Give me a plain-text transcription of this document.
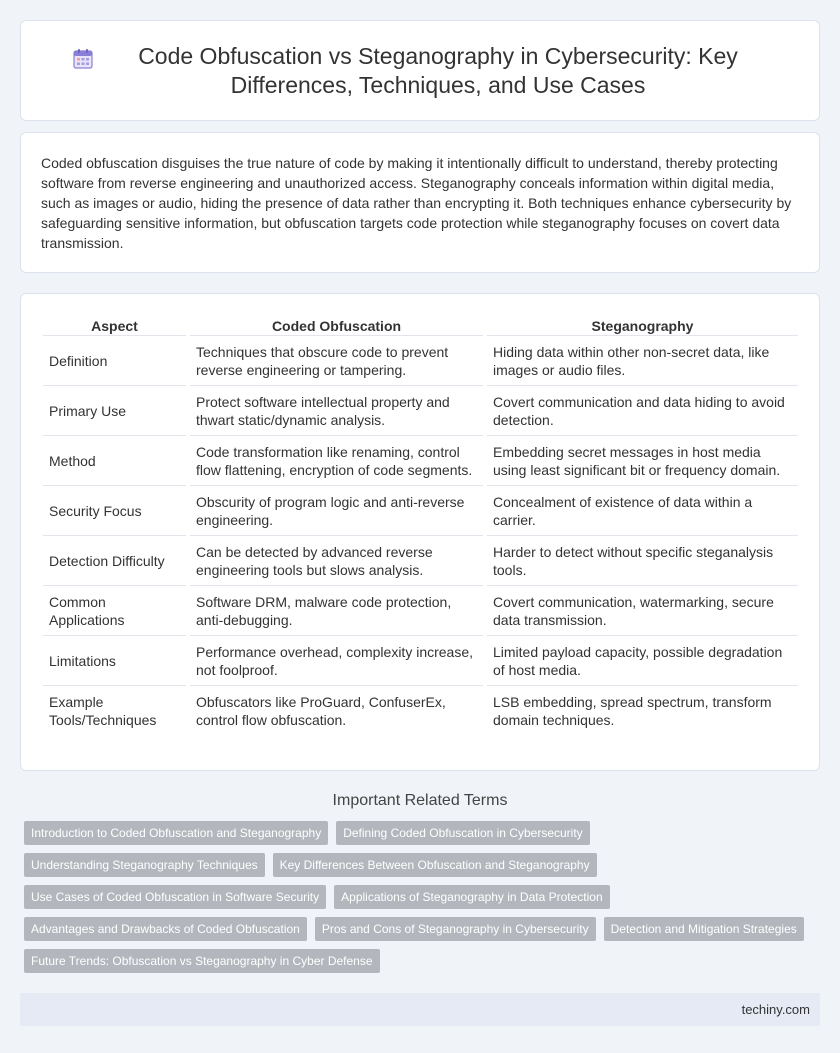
Code Obfuscation vs Steganography in Cybersecurity: Key Differences, Techniques, and Use Cases

Coded obfuscation disguises the true nature of code by making it intentionally difficult to understand, thereby protecting software from reverse engineering and unauthorized access. Steganography conceals information within digital media, such as images or audio, hiding the presence of data rather than encrypting it. Both techniques enhance cybersecurity by safeguarding sensitive information, but obfuscation targets code protection while steganography focuses on covert data transmission.

Aspect	Coded Obfuscation	Steganography
Definition	Techniques that obscure code to prevent reverse engineering or tampering.	Hiding data within other non-secret data, like images or audio files.
Primary Use	Protect software intellectual property and thwart static/dynamic analysis.	Covert communication and data hiding to avoid detection.
Method	Code transformation like renaming, control flow flattening, encryption of code segments.	Embedding secret messages in host media using least significant bit or frequency domain.
Security Focus	Obscurity of program logic and anti-reverse engineering.	Concealment of existence of data within a carrier.
Detection Difficulty	Can be detected by advanced reverse engineering tools but slows analysis.	Harder to detect without specific steganalysis tools.
Common Applications	Software DRM, malware code protection, anti-debugging.	Covert communication, watermarking, secure data transmission.
Limitations	Performance overhead, complexity increase, not foolproof.	Limited payload capacity, possible degradation of host media.
Example Tools/Techniques	Obfuscators like ProGuard, ConfuserEx, control flow obfuscation.	LSB embedding, spread spectrum, transform domain techniques.
Important Related Terms
Introduction to Coded Obfuscation and Steganography	Defining Coded Obfuscation in Cybersecurity
Understanding Steganography Techniques	Key Differences Between Obfuscation and Steganography
Use Cases of Coded Obfuscation in Software Security	Applications of Steganography in Data Protection
Advantages and Drawbacks of Coded Obfuscation	Pros and Cons of Steganography in Cybersecurity	Detection and Mitigation Strategies
Future Trends: Obfuscation vs Steganography in Cyber Defense
techiny.com
